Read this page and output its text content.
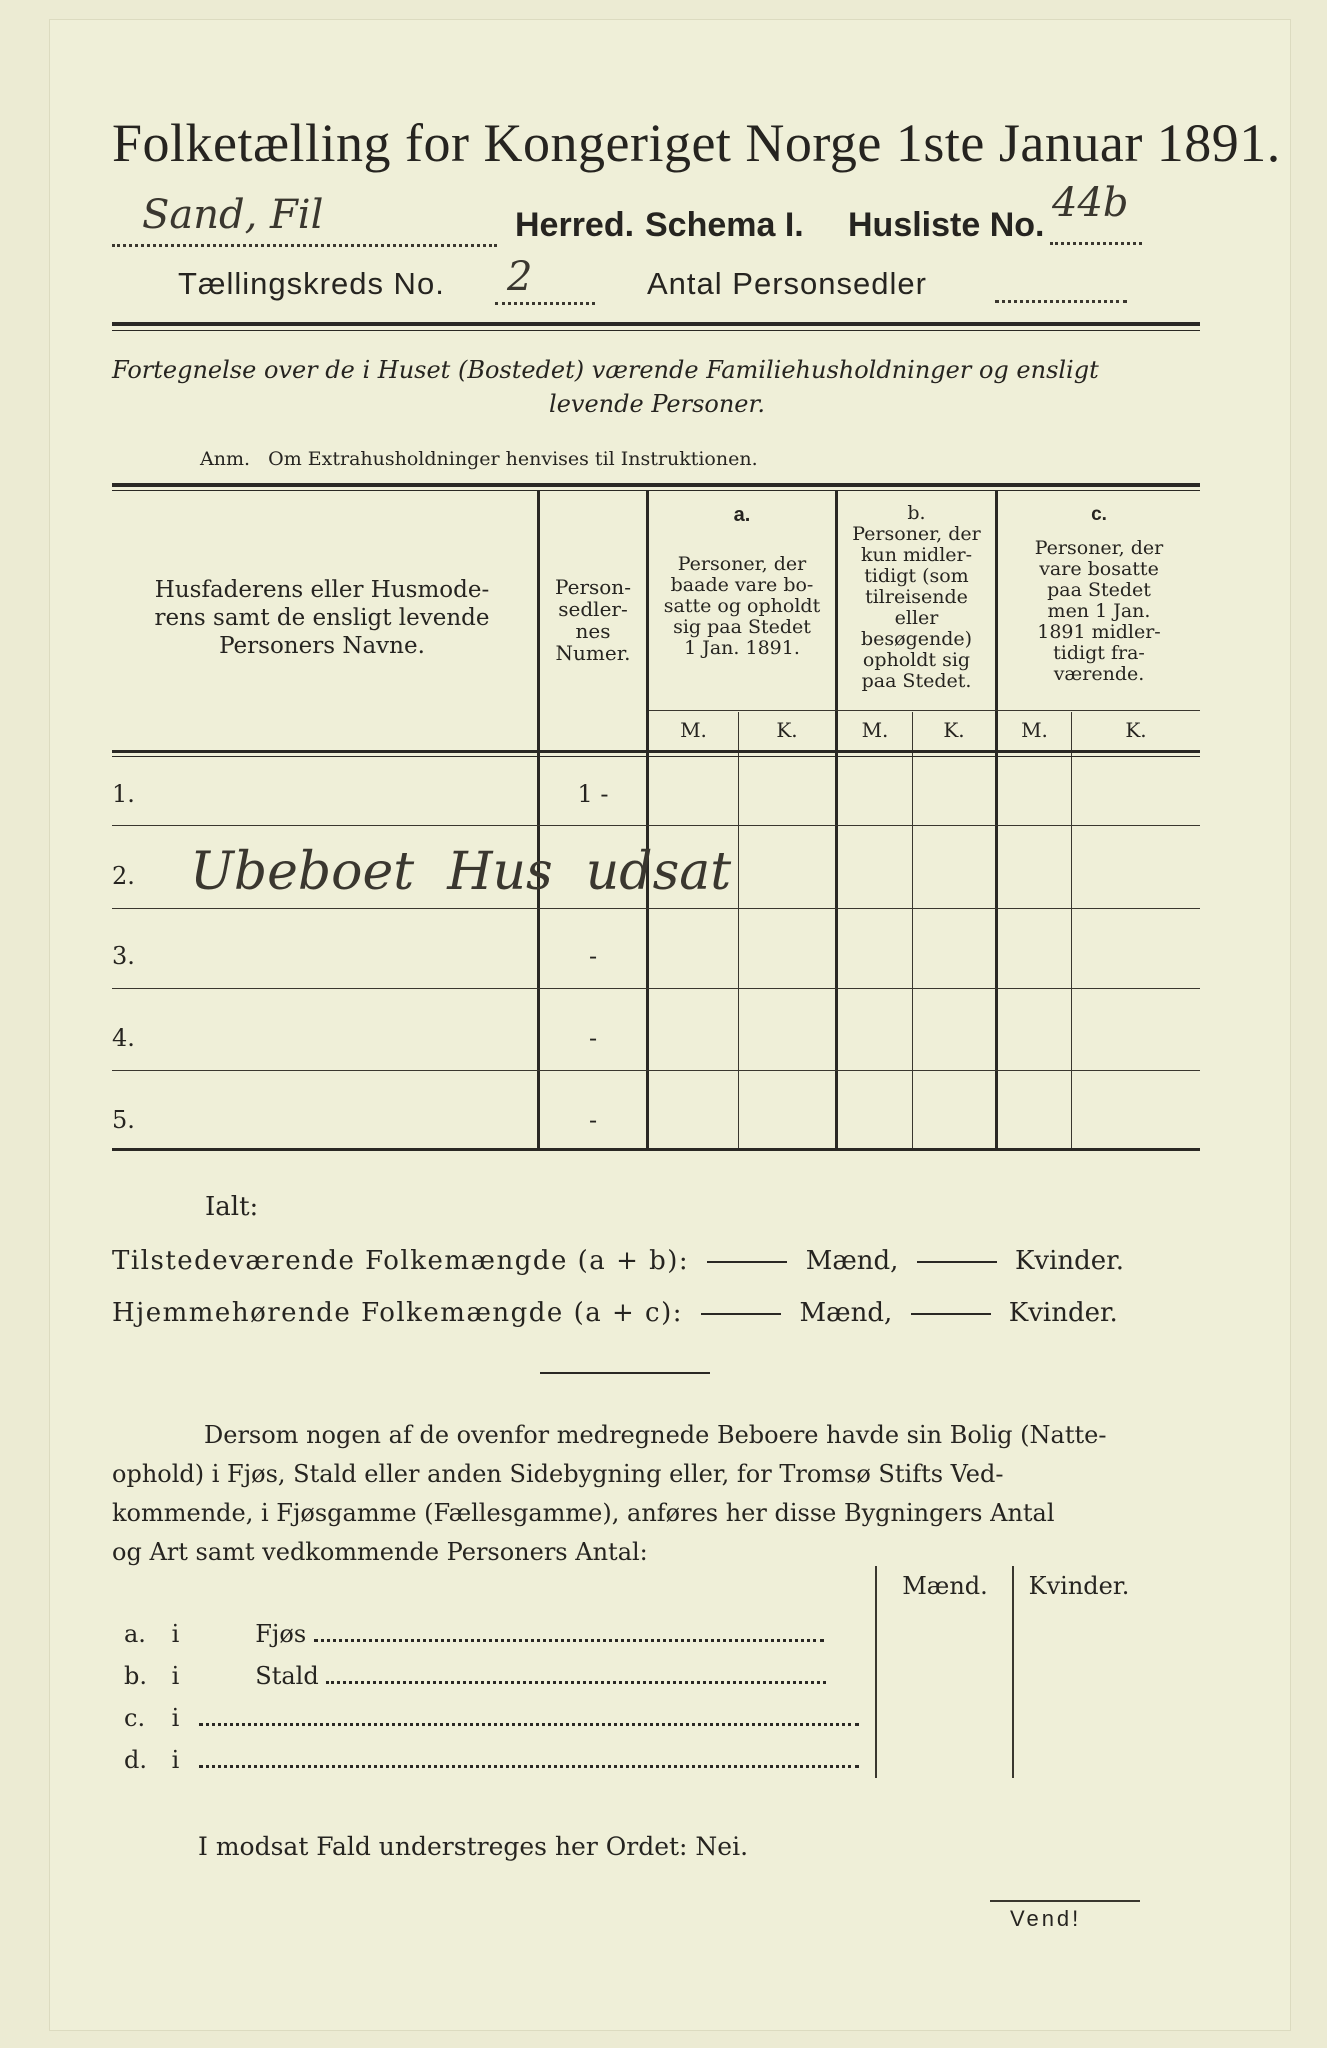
Folketælling for Kongeriget Norge 1ste Januar 1891.
Sand, Fil	Herred. Schema I. Husliste No. 44b
Tællingskreds No. 2	Antal Personsedler
Fortegnelse over de i Huset (Bostedet) værende Familiehusholdninger og ensligt
levende Personer.
Anm.   Om Extrahusholdninger henvises til Instruktionen.
Husfaderens eller Husmode-
rens samt de ensligt levende
Personers Navne.
Person-
sedler-
nes
Numer.
a.
Personer, der
baade vare bo-
satte og opholdt
sig paa Stedet
1 Jan. 1891.
b.
Personer, der
kun midler-
tidigt (som
tilreisende
eller
besøgende)
opholdt sig
paa Stedet.
c.
Personer, der
vare bosatte
paa Stedet
men 1 Jan.
1891 midler-
tidigt fra-
værende.
M.	K.	M.	K.	M.	K.
1.	1 -
2. Ubeboet  Hus  udsat
3.	-
4.	-
5.	-
Ialt:
Tilstedeværende Folkemængde (a + b):	Mænd,	Kvinder.
Hjemmehørende Folkemængde (a + c):	Mænd,	Kvinder.
Dersom nogen af de ovenfor medregnede Beboere havde sin Bolig (Natte-
ophold) i Fjøs, Stald eller anden Sidebygning eller, for Tromsø Stifts Ved-
kommende, i Fjøsgamme (Fællesgamme), anføres her disse Bygningers Antal
og Art samt vedkommende Personers Antal:
Mænd.	Kvinder.
a. i	Fjøs
b. i	Stald
c. i
d. i
I modsat Fald understreges her Ordet: Nei.
Vend!
